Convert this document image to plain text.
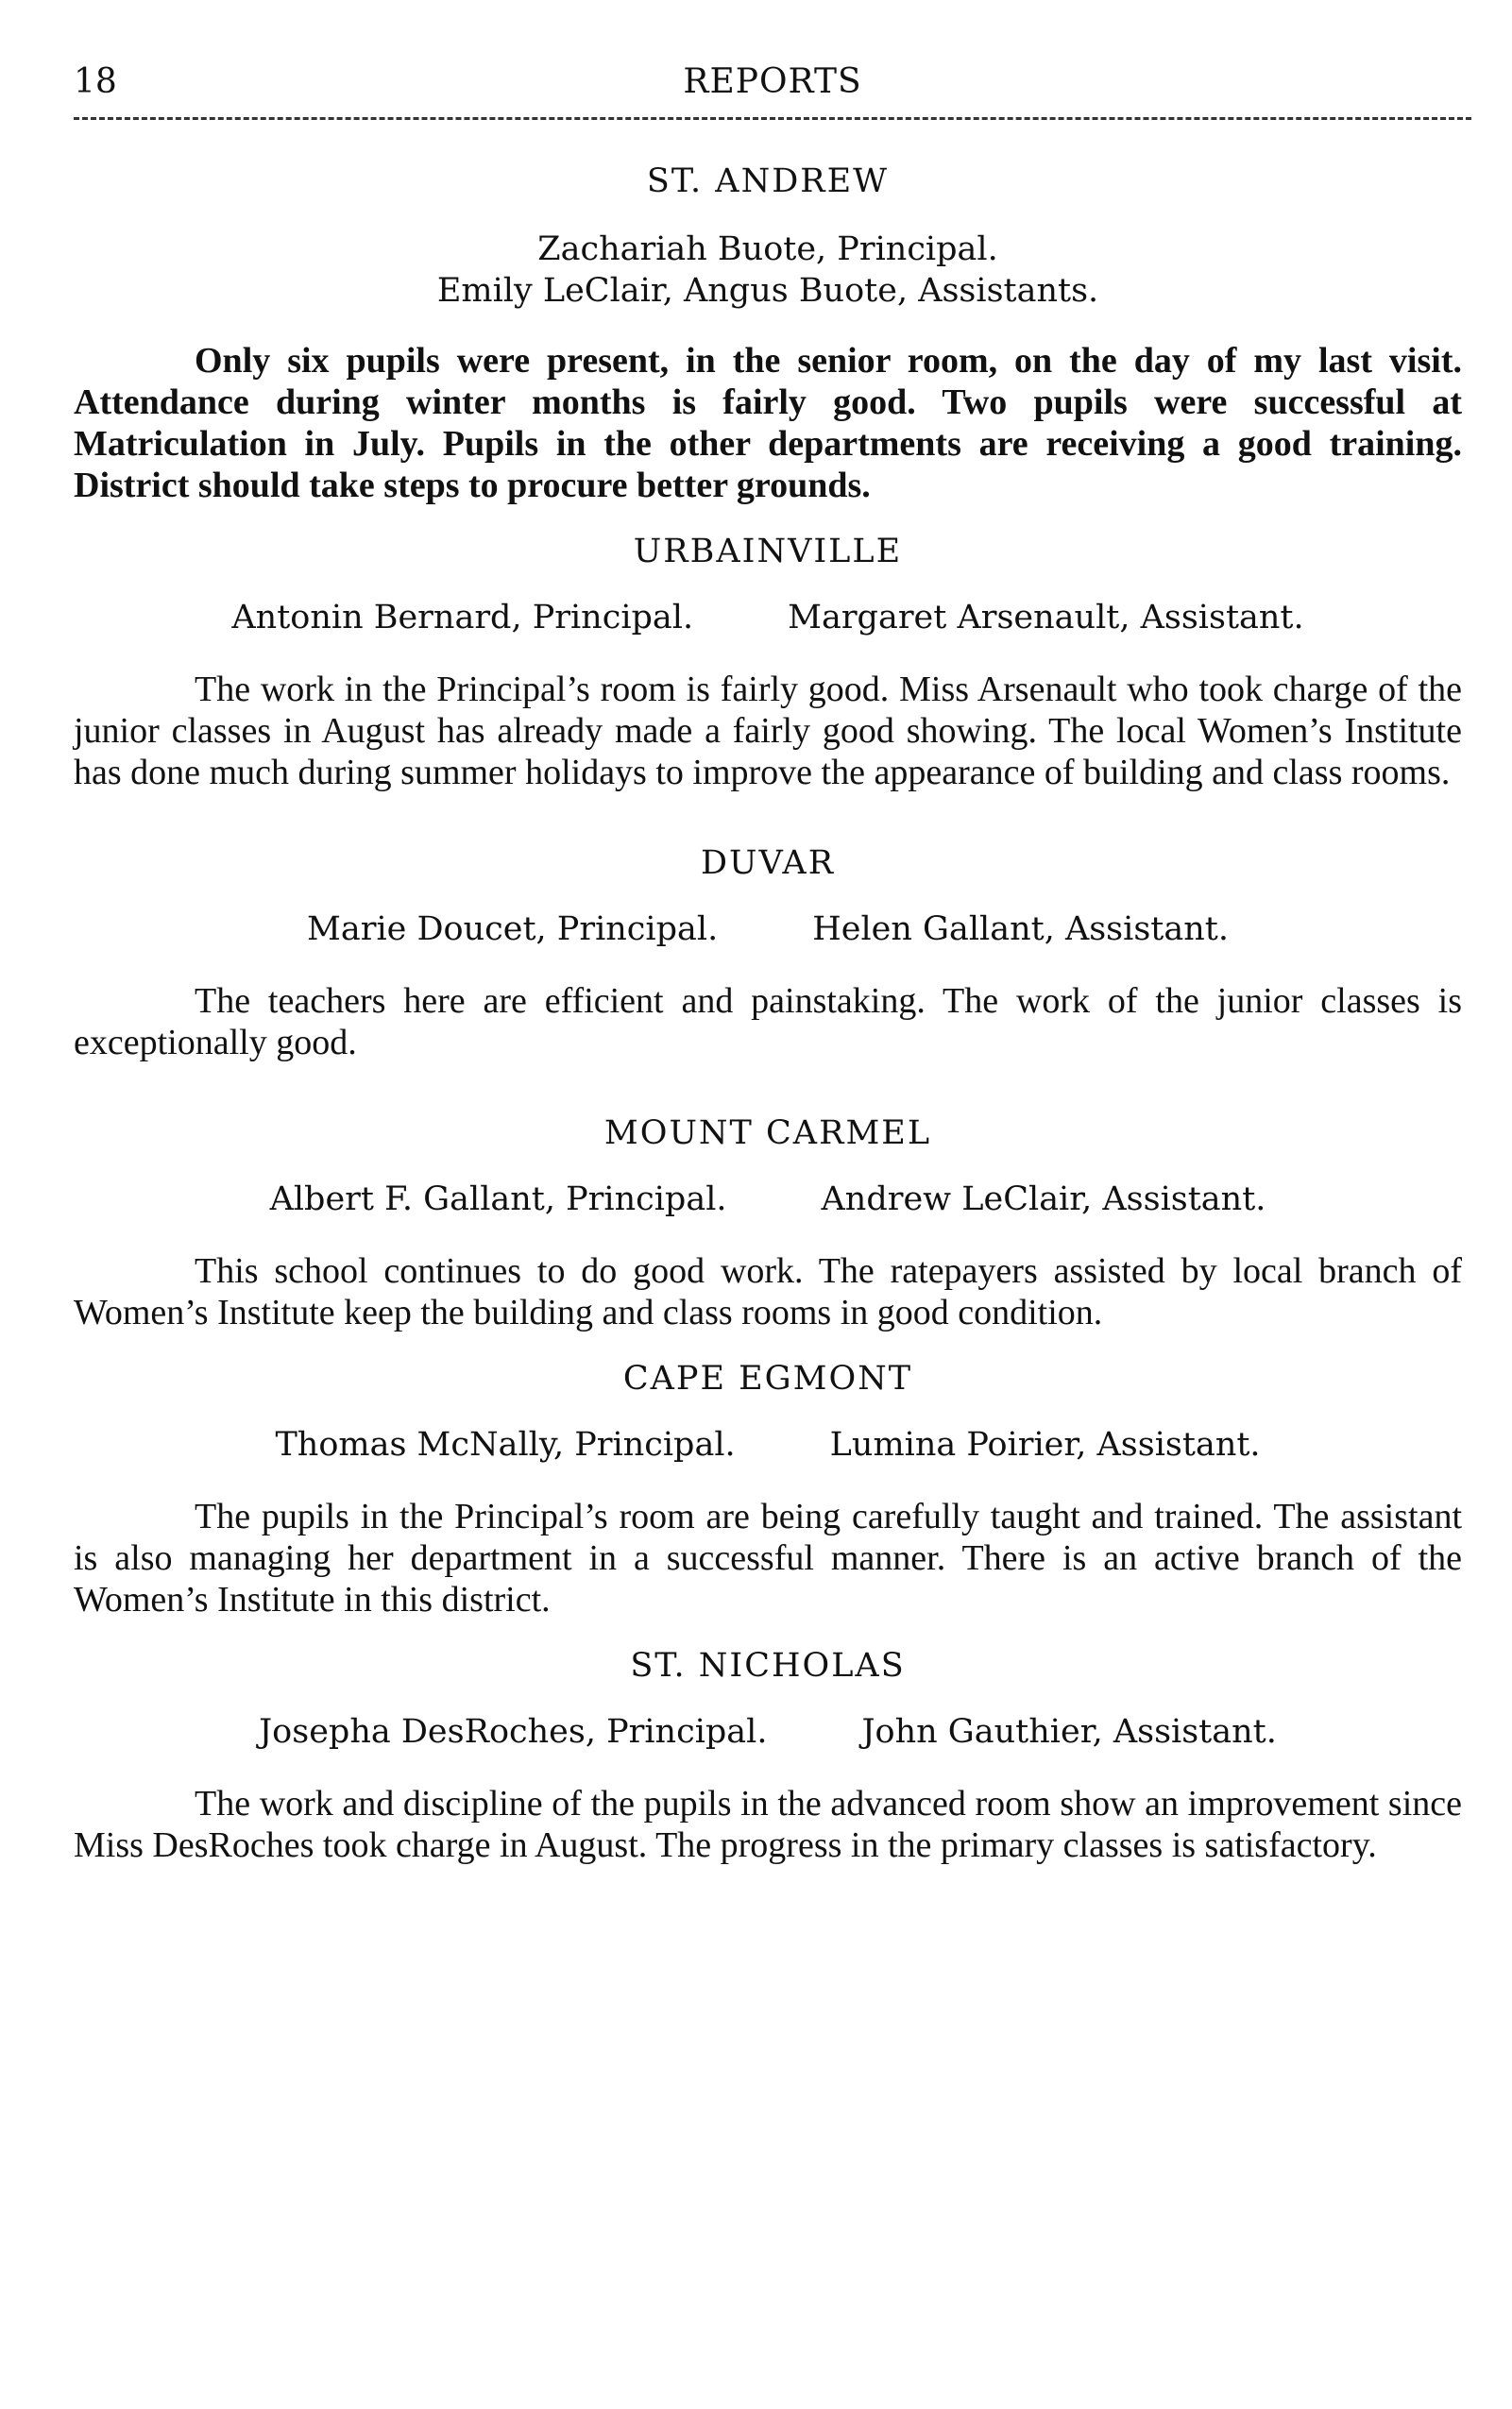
18	REPORTS
ST. ANDREW
Zachariah Buote, Principal.
Emily LeClair, Angus Buote, Assistants.

Only six pupils were present, in the senior room, on the day of my last visit. Attendance during winter months is fairly good. Two pupils were successful at Matriculation in July. Pupils in the other departments are receiving a good training. District should take steps to procure better grounds.

URBAINVILLE
Antonin Bernard, Principal.	Margaret Arsenault, Assistant.

The work in the Principal’s room is fairly good. Miss Arsenault who took charge of the junior classes in August has already made a fairly good showing. The local Women’s Institute has done much during summer holidays to improve the appearance of building and class rooms.

DUVAR
Marie Doucet, Principal.	Helen Gallant, Assistant.

The teachers here are efficient and painstaking. The work of the junior classes is exceptionally good.

MOUNT CARMEL
Albert F. Gallant, Principal.	Andrew LeClair, Assistant.

This school continues to do good work. The ratepayers assisted by local branch of Women’s Institute keep the building and class rooms in good condition.

CAPE EGMONT
Thomas McNally, Principal.	Lumina Poirier, Assistant.

The pupils in the Principal’s room are being carefully taught and trained. The assistant is also managing her department in a successful manner. There is an active branch of the Women’s Institute in this district.

ST. NICHOLAS
Josepha DesRoches, Principal.	John Gauthier, Assistant.

The work and discipline of the pupils in the advanced room show an improvement since Miss DesRoches took charge in August. The progress in the primary classes is satisfactory.
